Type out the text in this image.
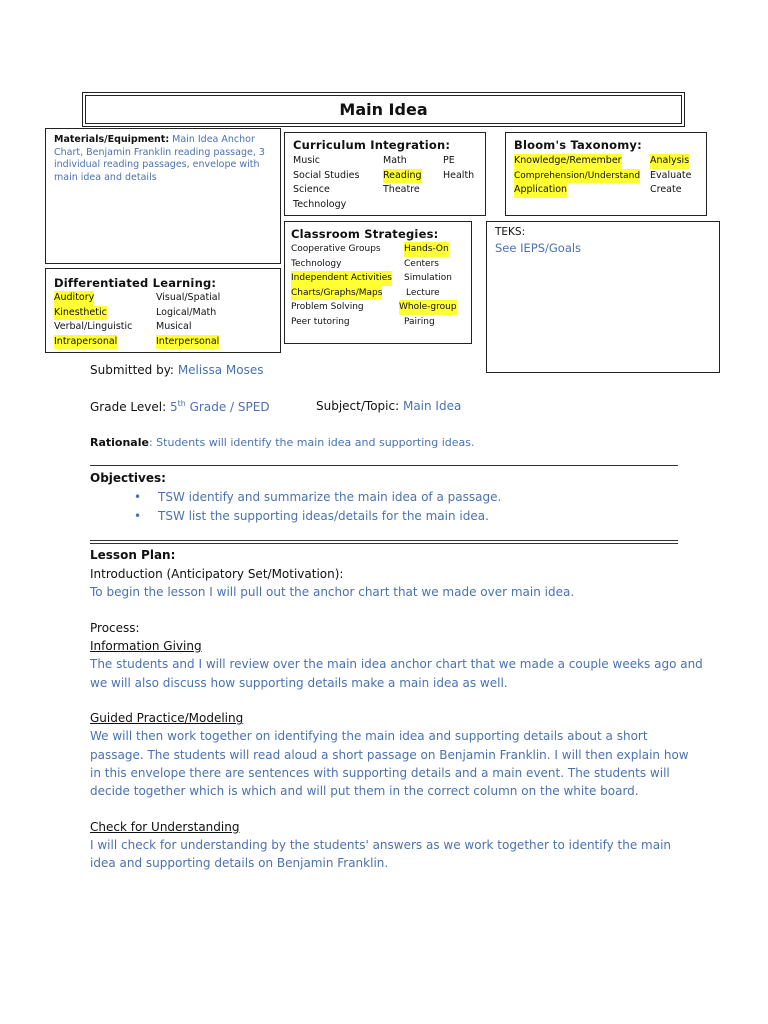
Main Idea
Materials/Equipment: Main Idea Anchor Chart, Benjamin Franklin reading passage, 3 individual reading passages, envelope with main idea and details
Differentiated Learning:
Auditory	Visual/Spatial
Kinesthetic	Logical/Math
Verbal/Linguistic Musical
Intrapersonal	Interpersonal
Curriculum Integration:
Music	Math	PE
Social Studies Reading Health
Science	Theatre
Technology
Bloom's Taxonomy:
Knowledge/Remember	Analysis
Comprehension/Understand Evaluate
Application	Create
Classroom Strategies:
Cooperative Groups	Hands-On
Technology	Centers
Independent Activities Simulation
Charts/Graphs/Maps	Lecture
Problem Solving	Whole-group
Peer tutoring	Pairing
TEKS:
See IEPS/Goals
Submitted by: Melissa Moses
Grade Level: 5th Grade / SPED	Subject/Topic: Main Idea
Rationale: Students will identify the main idea and supporting ideas.
Objectives:
• TSW identify and summarize the main idea of a passage.
• TSW list the supporting ideas/details for the main idea.
Lesson Plan:
Introduction (Anticipatory Set/Motivation):
To begin the lesson I will pull out the anchor chart that we made over main idea.
Process:
Information Giving
The students and I will review over the main idea anchor chart that we made a couple weeks ago and
we will also discuss how supporting details make a main idea as well.
Guided Practice/Modeling
We will then work together on identifying the main idea and supporting details about a short
passage. The students will read aloud a short passage on Benjamin Franklin. I will then explain how
in this envelope there are sentences with supporting details and a main event. The students will
decide together which is which and will put them in the correct column on the white board.
Check for Understanding
I will check for understanding by the students' answers as we work together to identify the main
idea and supporting details on Benjamin Franklin.
